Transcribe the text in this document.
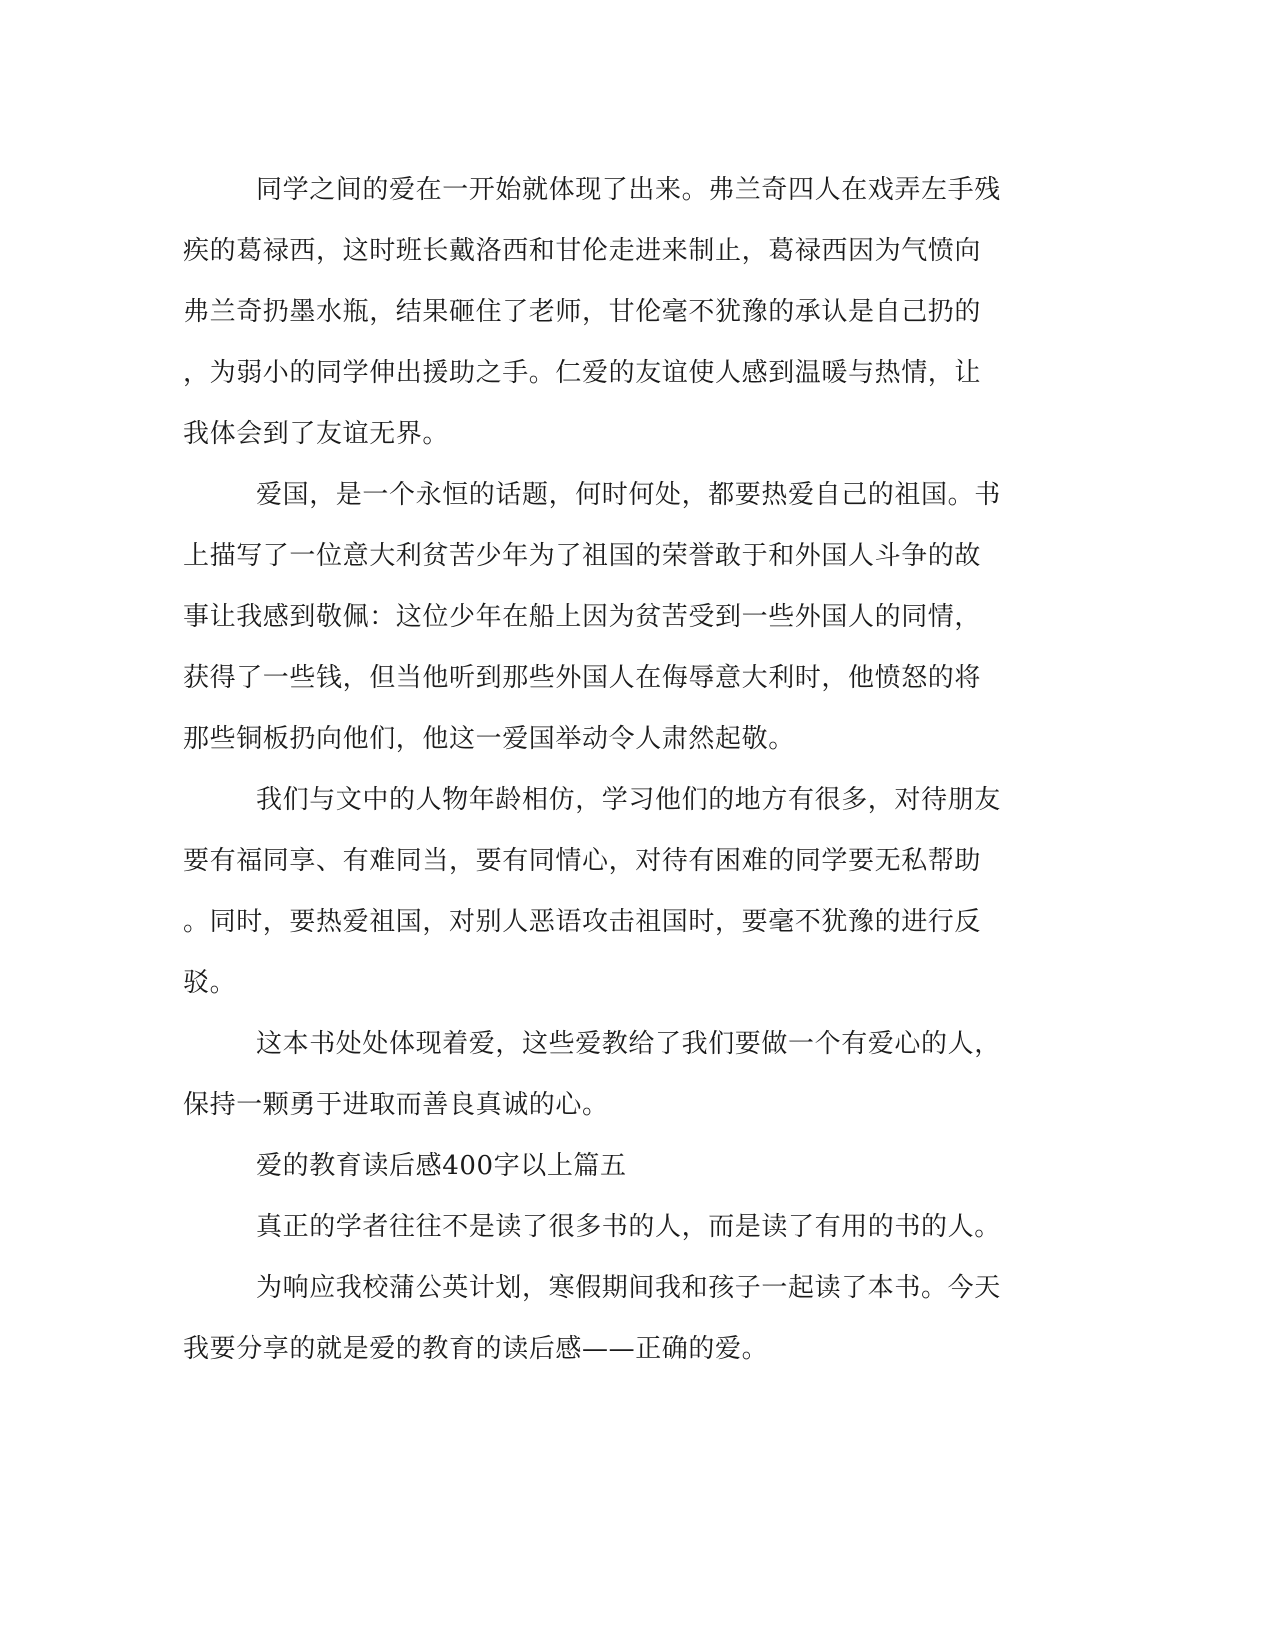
同学之间的爱在一开始就体现了出来。弗兰奇四人在戏弄左手残
疾的葛禄西，这时班长戴洛西和甘伦走进来制止，葛禄西因为气愤向
弗兰奇扔墨水瓶，结果砸住了老师，甘伦毫不犹豫的承认是自己扔的
，为弱小的同学伸出援助之手。仁爱的友谊使人感到温暖与热情，让
我体会到了友谊无界。
爱国，是一个永恒的话题，何时何处，都要热爱自己的祖国。书
上描写了一位意大利贫苦少年为了祖国的荣誉敢于和外国人斗争的故
事让我感到敬佩：这位少年在船上因为贫苦受到一些外国人的同情，
获得了一些钱，但当他听到那些外国人在侮辱意大利时，他愤怒的将
那些铜板扔向他们，他这一爱国举动令人肃然起敬。
我们与文中的人物年龄相仿，学习他们的地方有很多，对待朋友
要有福同享、有难同当，要有同情心，对待有困难的同学要无私帮助
。同时，要热爱祖国，对别人恶语攻击祖国时，要毫不犹豫的进行反
驳。
这本书处处体现着爱，这些爱教给了我们要做一个有爱心的人，
保持一颗勇于进取而善良真诚的心。
爱的教育读后感400字以上篇五
真正的学者往往不是读了很多书的人，而是读了有用的书的人。
为响应我校蒲公英计划，寒假期间我和孩子一起读了本书。今天
我要分享的就是爱的教育的读后感——正确的爱。
